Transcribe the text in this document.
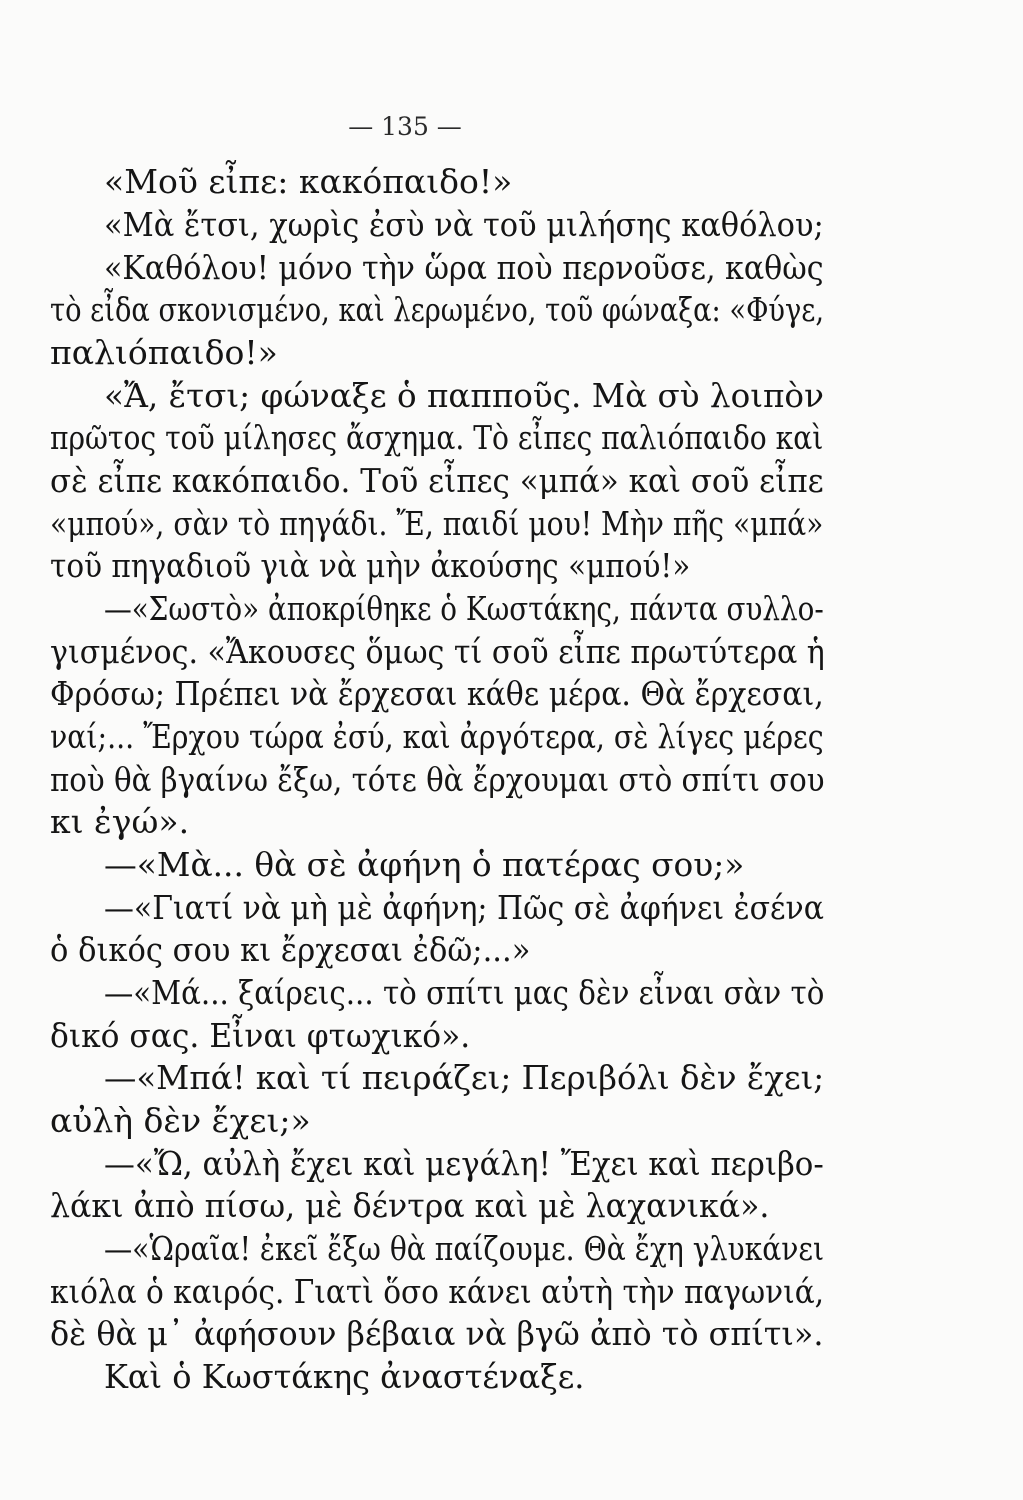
— 135 —
«Μοῦ εἶπε: κακόπαιδο!»
«Μὰ ἔτσι, χωρὶς ἐσὺ νὰ τοῦ μιλήσης καθόλου;
«Καθόλου! μόνο τὴν ὥρα ποὺ περνοῦσε, καθὼς
τὸ εἶδα σκονισμένο, καὶ λερωμένο, τοῦ φώναξα: «Φύγε,
παλιόπαιδο!»
«Ἄ, ἔτσι; φώναξε ὁ παπποῦς. Μὰ σὺ λοιπὸν
πρῶτος τοῦ μίλησες ἄσχημα. Τὸ εἶπες παλιόπαιδο καὶ
σὲ εἶπε κακόπαιδο. Τοῦ εἶπες «μπά» καὶ σοῦ εἶπε
«μπού», σὰν τὸ πηγάδι. Ἔ, παιδί μου! Μὴν πῆς «μπά»
τοῦ πηγαδιοῦ γιὰ νὰ μὴν ἀκούσης «μπού!»
—«Σωστὸ» ἀποκρίθηκε ὁ Κωστάκης, πάντα συλλο-
γισμένος. «Ἄκουσες ὅμως τί σοῦ εἶπε πρωτύτερα ἡ
Φρόσω; Πρέπει νὰ ἔρχεσαι κάθε μέρα. Θὰ ἔρχεσαι,
ναί;... Ἔρχου τώρα ἐσύ, καὶ ἀργότερα, σὲ λίγες μέρες
ποὺ θὰ βγαίνω ἔξω, τότε θὰ ἔρχουμαι στὸ σπίτι σου
κι ἐγώ».
—«Μὰ... θὰ σὲ ἀφήνη ὁ πατέρας σου;»
—«Γιατί νὰ μὴ μὲ ἀφήνη; Πῶς σὲ ἀφήνει ἐσένα
ὁ δικός σου κι ἔρχεσαι ἐδῶ;...»
—«Μά... ξαίρεις... τὸ σπίτι μας δὲν εἶναι σὰν τὸ
δικό σας. Εἶναι φτωχικό».
—«Μπά! καὶ τί πειράζει; Περιβόλι δὲν ἔχει;
αὐλὴ δὲν ἔχει;»
—«Ὤ, αὐλὴ ἔχει καὶ μεγάλη! Ἔχει καὶ περιβο-
λάκι ἀπὸ πίσω, μὲ δέντρα καὶ μὲ λαχανικά».
—«Ὡραῖα! ἐκεῖ ἔξω θὰ παίζουμε. Θὰ ἔχη γλυκάνει
κιόλα ὁ καιρός. Γιατὶ ὅσο κάνει αὐτὴ τὴν παγωνιά,
δὲ θὰ μ᾽ ἀφήσουν βέβαια νὰ βγῶ ἀπὸ τὸ σπίτι».
Καὶ ὁ Κωστάκης ἀναστέναξε.
